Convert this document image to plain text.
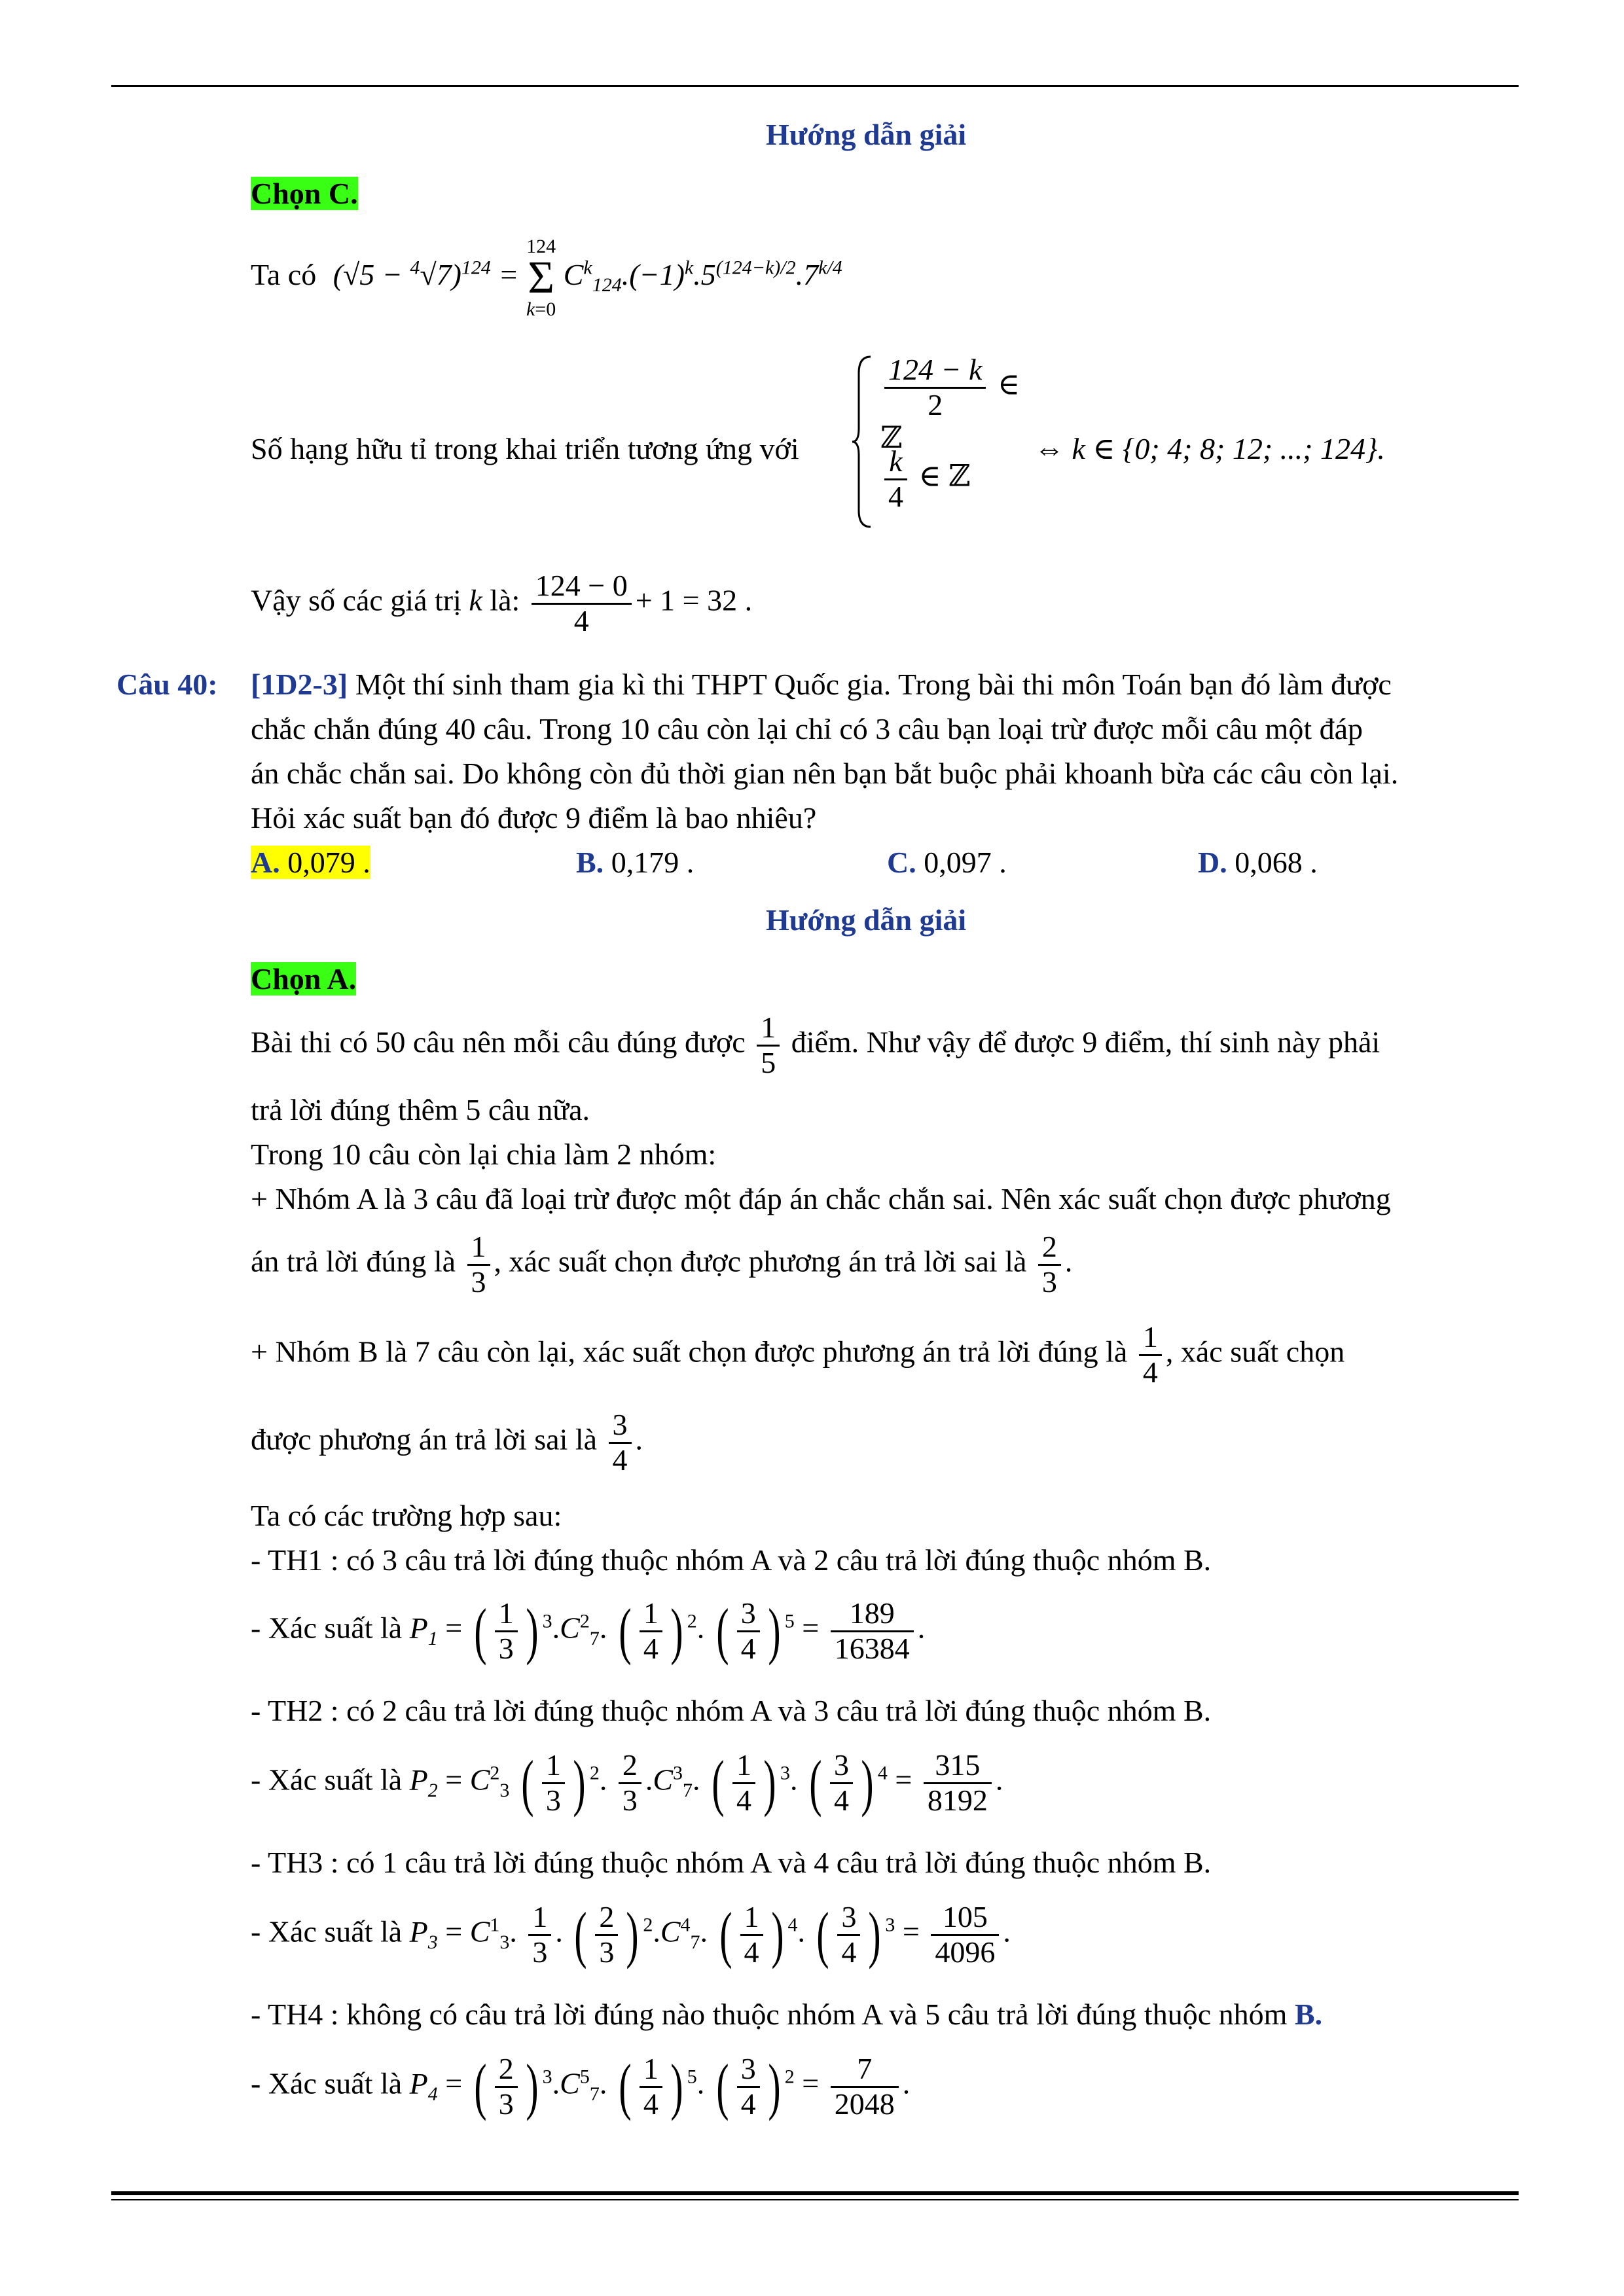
Hướng dẫn giải
Chọn C.
Ta có $(√5 - ^4√7)^{124}$ =
124
Σ
k=0
$C^k_{124}.(-1)^k.5^{(124-k)/2}.7^{k/4}$
Số hạng hữu tỉ trong khai triển tương ứng với
$\frac{124 - k}{2}$ ∈ ℤ
$\frac{k}{4}$ ∈ ℤ
⇔ k ∈ {0; 4; 8; 12; ...; 124}.
Vậy số các giá trị k là: $\frac{124 - 0}{4} + 1 = 32$ .
Câu 40: [1D2-3] Một thí sinh tham gia kì thi THPT Quốc gia. Trong bài thi môn Toán bạn đó làm được
chắc chắn đúng 40 câu. Trong 10 câu còn lại chỉ có 3 câu bạn loại trừ được mỗi câu một đáp
án chắc chắn sai. Do không còn đủ thời gian nên bạn bắt buộc phải khoanh bừa các câu còn lại.
Hỏi xác suất bạn đó được 9 điểm là bao nhiêu?
A. 0,079 .	B. 0,179 .	C. 0,097 .	D. 0,068 .
Hướng dẫn giải
Chọn A.
Bài thi có 50 câu nên mỗi câu đúng được $\frac{1}{5}$ điểm. Như vậy để được 9 điểm, thí sinh này phải
trả lời đúng thêm 5 câu nữa.
Trong 10 câu còn lại chia làm 2 nhóm:
+ Nhóm A là 3 câu đã loại trừ được một đáp án chắc chắn sai. Nên xác suất chọn được phương
án trả lời đúng là $\frac{1}{3}$ , xác suất chọn được phương án trả lời sai là $\frac{2}{3}$ .
+ Nhóm B là 7 câu còn lại, xác suất chọn được phương án trả lời đúng là $\frac{1}{4}$ , xác suất chọn
được phương án trả lời sai là $\frac{3}{4}$ .
Ta có các trường hợp sau:
- TH1 : có 3 câu trả lời đúng thuộc nhóm A và 2 câu trả lời đúng thuộc nhóm B.
- Xác suất là $P_1$ = ( $\frac{1}{3}$ ) $^3.C^2_7$. ( $\frac{1}{4}$ ) $^2$. ( $\frac{3}{4}$ ) $^5 = \frac{189}{16384}$ .
- TH2 : có 2 câu trả lời đúng thuộc nhóm A và 3 câu trả lời đúng thuộc nhóm B.
- Xác suất là $P_2 = C^2_3$ ( $\frac{1}{3}$ ) $^2$. $\frac{2}{3} .C^3_7$. ( $\frac{1}{4}$ ) $^3$. ( $\frac{3}{4}$ ) $^4 = \frac{315}{8192}$ .
- TH3 : có 1 câu trả lời đúng thuộc nhóm A và 4 câu trả lời đúng thuộc nhóm B.
- Xác suất là $P_3 = C^1_3$. $\frac{1}{3}$ . ( $\frac{2}{3}$ ) $^2.C^4_7$. ( $\frac{1}{4}$ ) $^4$. ( $\frac{3}{4}$ ) $^3 = \frac{105}{4096}$ .
- TH4 : không có câu trả lời đúng nào thuộc nhóm A và 5 câu trả lời đúng thuộc nhóm B.
- Xác suất là $P_4$ = ( $\frac{2}{3}$ ) $^3.C^5_7$. ( $\frac{1}{4}$ ) $^5$. ( $\frac{3}{4}$ ) $^2 = \frac{7}{2048}$ .
